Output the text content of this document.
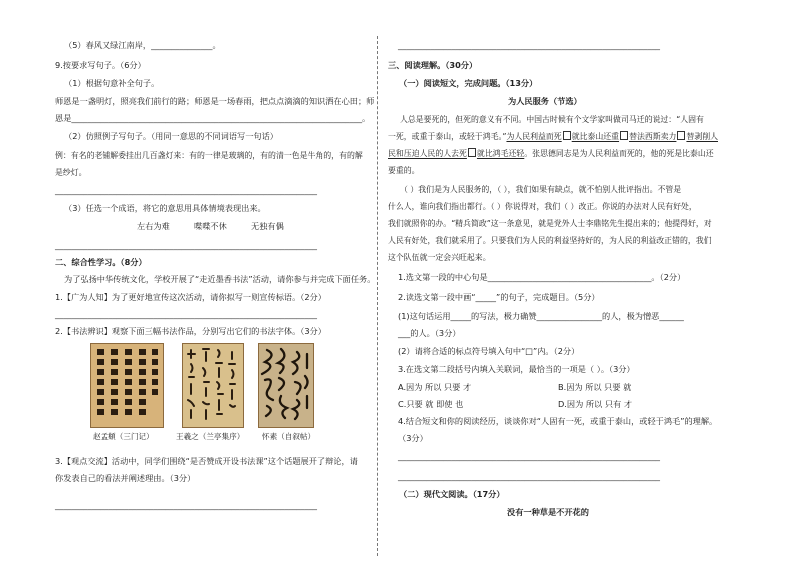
（5）春风又绿江南岸，_______________。
9.按要求写句子。（6分）
（1）根据句意补全句子。
师恩是一盏明灯，照亮我们前行的路；师恩是一场春雨，把点点滴滴的知识洒在心田；师
恩是_______________________________________________________________________。
（2）仿照例子写句子。（用同一意思的不同词语写一句话）
例：有名的老铺解委挂出几百盏灯来：有的一律是玻璃的，有的清一色是牛角的，有的解
是纱灯。
________________________________________________________________
（3）任选一个成语，将它的意思用具体情境表现出来。
左右为难	喋喋不休	无独有偶
________________________________________________________________
二、综合性学习。（8分）
为了弘扬中华传统文化，学校开展了“走近墨香书法”活动，请你参与并完成下面任务。
1.【广为人知】为了更好地宣传这次活动，请你拟写一则宣传标语。（2分）
________________________________________________________________
2.【书法辨识】观察下面三幅书法作品，分别写出它们的书法字体。（3分）
赵孟頫（三门记）	王羲之（兰亭集序） 怀素（自叙帖）
3.【观点交流】活动中，同学们围绕“是否赞成开设书法课”这个话题展开了辩论，请
你发表自己的看法并阐述理由。（3分）
________________________________________________________________
________________________________________________________________
三、阅读理解。（30分）
（一）阅读短文，完成问题。（13分）
为人民服务（节选）
人总是要死的，但死的意义有不同。中国古时候有个文学家叫做司马迁的说过：“人固有
一死，或重于泰山，或轻于鸿毛。”为人民利益而死 就比泰山还重 替法西斯卖力 替剥削人
民和压迫人民的人去死 就比鸿毛还轻。张思德同志是为人民利益而死的，他的死是比泰山还
要重的。
（ ）我们是为人民服务的，（ ），我们如果有缺点，就不怕别人批评指出。不管是
什么人，谁向我们指出都行。（ ）你说得对，我们（ ）改正。你说的办法对人民有好处，
我们就照你的办。“精兵简政”这一条意见，就是党外人士李鼎铭先生提出来的；他提得好，对
人民有好处，我们就采用了。只要我们为人民的利益坚持好的，为人民的利益改正错的，我们
这个队伍就一定会兴旺起来。
1.选文第一段的中心句是________________________________________。（2分）
2.读选文第一段中画“_____”的句子，完成题目。（5分）
(1)这句话运用_____的写法，极力确赞________________的人，极为憎恶______
___的人。（3分）
(2）请将合适的标点符号填入句中“□”内。（2分）
3.在选文第二段括号内填入关联词，最恰当的一项是（ ）。（3分）
A.因为 所以 只要 才	B.因为 所以 只要 就
C.只要 就 即使 也	D.因为 所以 只有 才
4.结合短文和你的阅读经历，谈谈你对“人固有一死，或重于泰山，或轻于鸿毛”的理解。
（3分）
________________________________________________________________
________________________________________________________________
（二）现代文阅读。（17分）
没有一种草是不开花的
